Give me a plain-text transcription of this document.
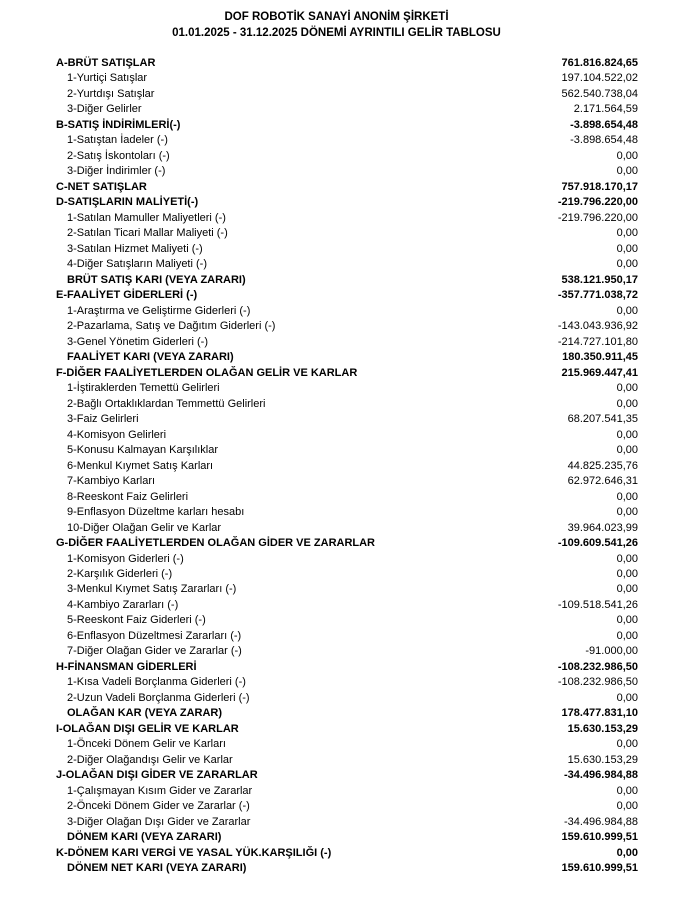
DOF ROBOTİK SANAYİ ANONİM ŞİRKETİ
01.01.2025 - 31.12.2025 DÖNEMİ AYRINTILI GELİR TABLOSU
A-BRÜT SATIŞLAR	761.816.824,65
1-Yurtiçi Satışlar	197.104.522,02
2-Yurtdışı Satışlar	562.540.738,04
3-Diğer Gelirler	2.171.564,59
B-SATIŞ İNDİRİMLERİ(-)	-3.898.654,48
1-Satıştan İadeler (-)	-3.898.654,48
2-Satış İskontoları (-)	0,00
3-Diğer İndirimler (-)	0,00
C-NET SATIŞLAR	757.918.170,17
D-SATIŞLARIN MALİYETİ(-)	-219.796.220,00
1-Satılan Mamuller Maliyetleri (-)	-219.796.220,00
2-Satılan Ticari Mallar Maliyeti (-)	0,00
3-Satılan Hizmet Maliyeti (-)	0,00
4-Diğer Satışların Maliyeti (-)	0,00
BRÜT SATIŞ KARI (VEYA ZARARI)	538.121.950,17
E-FAALİYET GİDERLERİ (-)	-357.771.038,72
1-Araştırma ve Geliştirme Giderleri (-)	0,00
2-Pazarlama, Satış ve Dağıtım Giderleri (-)	-143.043.936,92
3-Genel Yönetim Giderleri (-)	-214.727.101,80
FAALİYET KARI (VEYA ZARARI)	180.350.911,45
F-DİĞER FAALİYETLERDEN OLAĞAN GELİR VE KARLAR	215.969.447,41
1-İştiraklerden Temettü Gelirleri	0,00
2-Bağlı Ortaklıklardan Temmettü Gelirleri	0,00
3-Faiz Gelirleri	68.207.541,35
4-Komisyon Gelirleri	0,00
5-Konusu Kalmayan Karşılıklar	0,00
6-Menkul Kıymet Satış Karları	44.825.235,76
7-Kambiyo Karları	62.972.646,31
8-Reeskont Faiz Gelirleri	0,00
9-Enflasyon Düzeltme karları hesabı	0,00
10-Diğer Olağan Gelir ve Karlar	39.964.023,99
G-DİĞER FAALİYETLERDEN OLAĞAN GİDER VE ZARARLAR	-109.609.541,26
1-Komisyon Giderleri (-)	0,00
2-Karşılık Giderleri (-)	0,00
3-Menkul Kıymet Satış Zararları (-)	0,00
4-Kambiyo Zararları (-)	-109.518.541,26
5-Reeskont Faiz Giderleri (-)	0,00
6-Enflasyon Düzeltmesi Zararları (-)	0,00
7-Diğer Olağan Gider ve Zararlar (-)	-91.000,00
H-FİNANSMAN GİDERLERİ	-108.232.986,50
1-Kısa Vadeli Borçlanma Giderleri (-)	-108.232.986,50
2-Uzun Vadeli Borçlanma Giderleri (-)	0,00
OLAĞAN KAR (VEYA ZARAR)	178.477.831,10
I-OLAĞAN DIŞI GELİR VE KARLAR	15.630.153,29
1-Önceki Dönem Gelir ve Karları	0,00
2-Diğer Olağandışı Gelir ve Karlar	15.630.153,29
J-OLAĞAN DIŞI GİDER VE ZARARLAR	-34.496.984,88
1-Çalışmayan Kısım Gider ve Zararlar	0,00
2-Önceki Dönem Gider ve Zararlar (-)	0,00
3-Diğer Olağan Dışı Gider ve Zararlar	-34.496.984,88
DÖNEM KARI (VEYA ZARARI)	159.610.999,51
K-DÖNEM KARI VERGİ VE YASAL YÜK.KARŞILIĞI (-)	0,00
DÖNEM NET KARI (VEYA ZARARI)	159.610.999,51
